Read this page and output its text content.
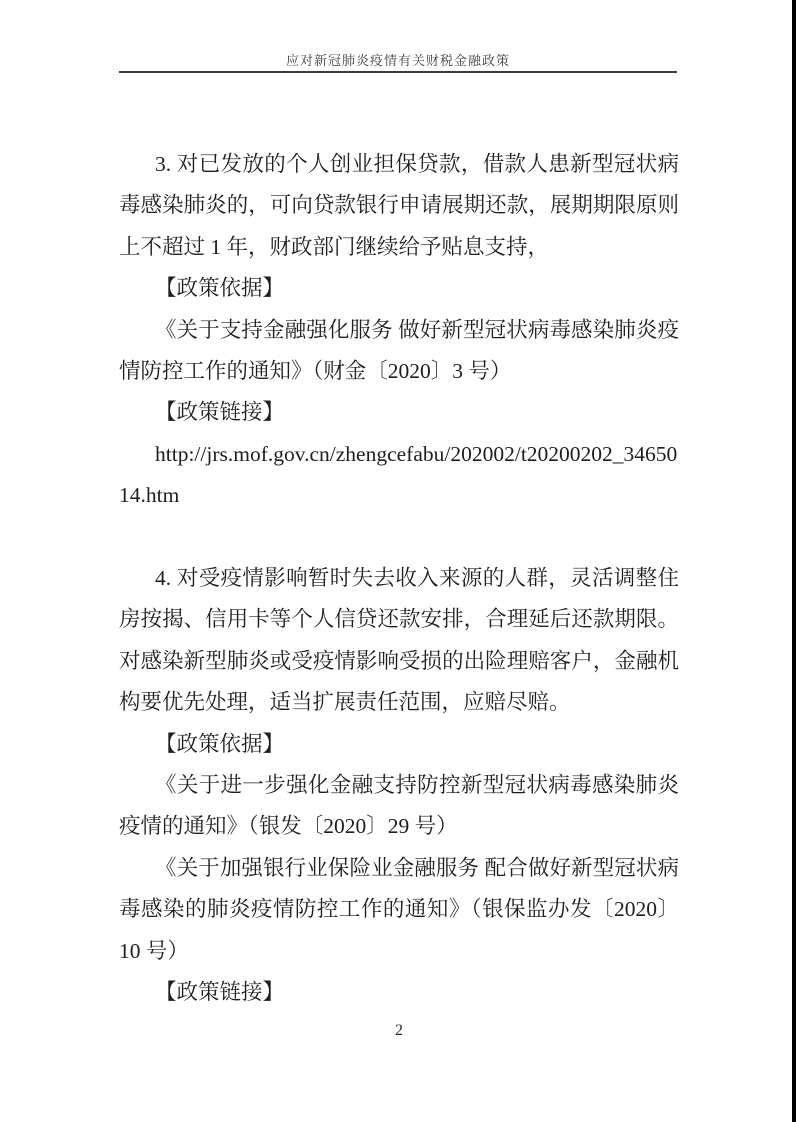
应对新冠肺炎疫情有关财税金融政策

3. 对已发放的个人创业担保贷款，借款人患新型冠状病毒感染肺炎的，可向贷款银行申请展期还款，展期期限原则上不超过 1 年，财政部门继续给予贴息支持，

【政策依据】

《关于支持金融强化服务 做好新型冠状病毒感染肺炎疫情防控工作的通知》（财金〔2020〕3 号）

【政策链接】

http://jrs.mof.gov.cn/zhengcefabu/202002/t20200202_3465014.htm

4. 对受疫情影响暂时失去收入来源的人群，灵活调整住房按揭、信用卡等个人信贷还款安排，合理延后还款期限。对感染新型肺炎或受疫情影响受损的出险理赔客户，金融机构要优先处理，适当扩展责任范围，应赔尽赔。

【政策依据】

《关于进一步强化金融支持防控新型冠状病毒感染肺炎疫情的通知》（银发〔2020〕29 号）

《关于加强银行业保险业金融服务 配合做好新型冠状病毒感染的肺炎疫情防控工作的通知》（银保监办发〔2020〕10 号）

【政策链接】

2
